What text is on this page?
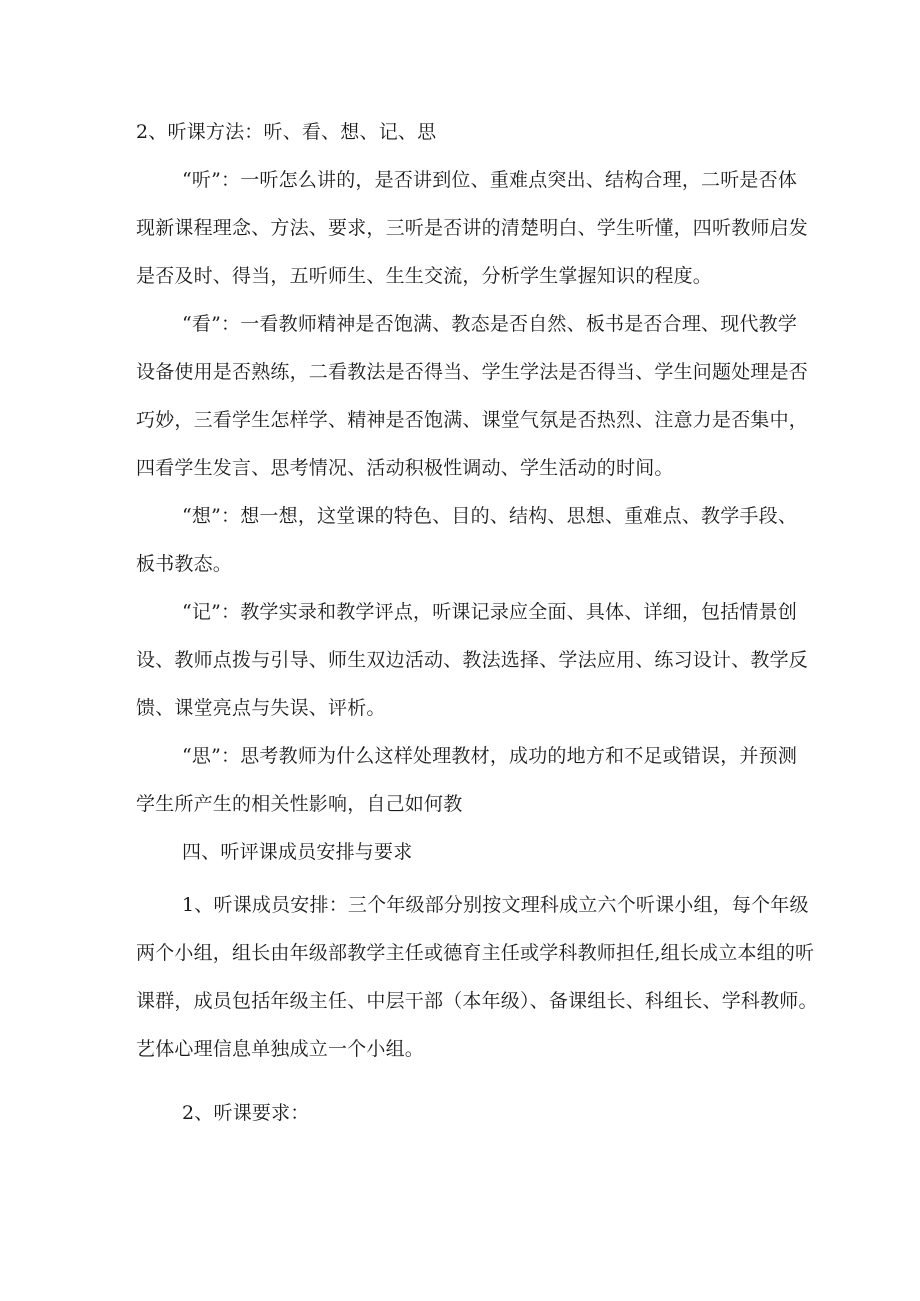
2、听课方法：听、看、想、记、思
“听”：一听怎么讲的，是否讲到位、重难点突出、结构合理，二听是否体
现新课程理念、方法、要求，三听是否讲的清楚明白、学生听懂，四听教师启发
是否及时、得当，五听师生、生生交流，分析学生掌握知识的程度。
“看”：一看教师精神是否饱满、教态是否自然、板书是否合理、现代教学
设备使用是否熟练，二看教法是否得当、学生学法是否得当、学生问题处理是否
巧妙，三看学生怎样学、精神是否饱满、课堂气氛是否热烈、注意力是否集中，
四看学生发言、思考情况、活动积极性调动、学生活动的时间。
“想”：想一想，这堂课的特色、目的、结构、思想、重难点、教学手段、
板书教态。
“记”：教学实录和教学评点，听课记录应全面、具体、详细，包括情景创
设、教师点拨与引导、师生双边活动、教法选择、学法应用、练习设计、教学反
馈、课堂亮点与失误、评析。
“思”：思考教师为什么这样处理教材，成功的地方和不足或错误，并预测
学生所产生的相关性影响，自己如何教
四、听评课成员安排与要求
1、听课成员安排：三个年级部分别按文理科成立六个听课小组，每个年级
两个小组，组长由年级部教学主任或德育主任或学科教师担任,组长成立本组的听
课群，成员包括年级主任、中层干部（本年级）、备课组长、科组长、学科教师。
艺体心理信息单独成立一个小组。
2、听课要求：
